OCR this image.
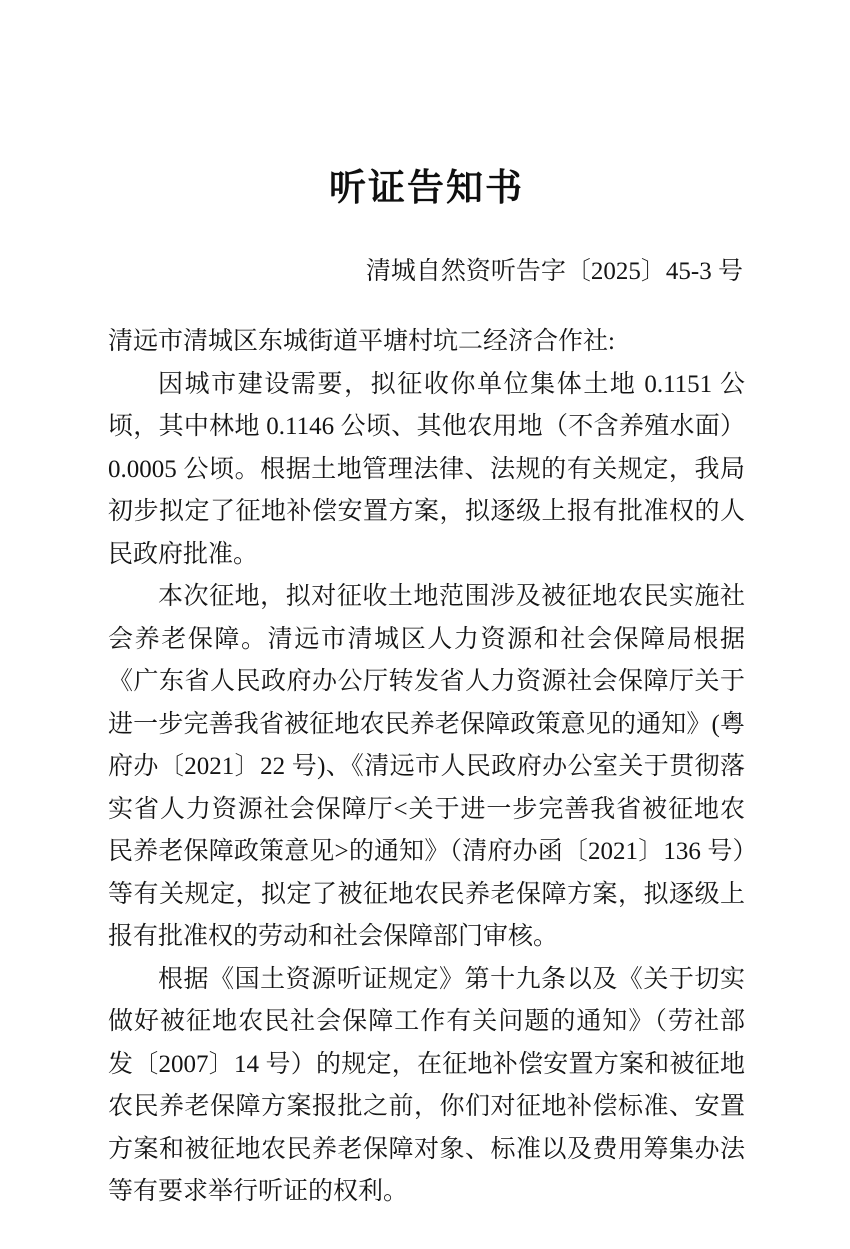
听证告知书
清城自然资听告字〔2025〕45-3 号

清远市清城区东城街道平塘村坑二经济合作社:

因城市建设需要，拟征收你单位集体土地 0.1151 公顷，其中林地 0.1146 公顷、其他农用地（不含养殖水面）0.0005 公顷。根据土地管理法律、法规的有关规定，我局初步拟定了征地补偿安置方案，拟逐级上报有批准权的人民政府批准。

本次征地，拟对征收土地范围涉及被征地农民实施社会养老保障。清远市清城区人力资源和社会保障局根据《广东省人民政府办公厅转发省人力资源社会保障厅关于进一步完善我省被征地农民养老保障政策意见的通知》(粤府办〔2021〕22 号)、《清远市人民政府办公室关于贯彻落实省人力资源社会保障厅<关于进一步完善我省被征地农民养老保障政策意见>的通知》（清府办函〔2021〕136 号）等有关规定，拟定了被征地农民养老保障方案，拟逐级上报有批准权的劳动和社会保障部门审核。

根据《国土资源听证规定》第十九条以及《关于切实做好被征地农民社会保障工作有关问题的通知》（劳社部发〔2007〕14 号）的规定，在征地补偿安置方案和被征地农民养老保障方案报批之前，你们对征地补偿标准、安置方案和被征地农民养老保障对象、标准以及费用筹集办法等有要求举行听证的权利。
